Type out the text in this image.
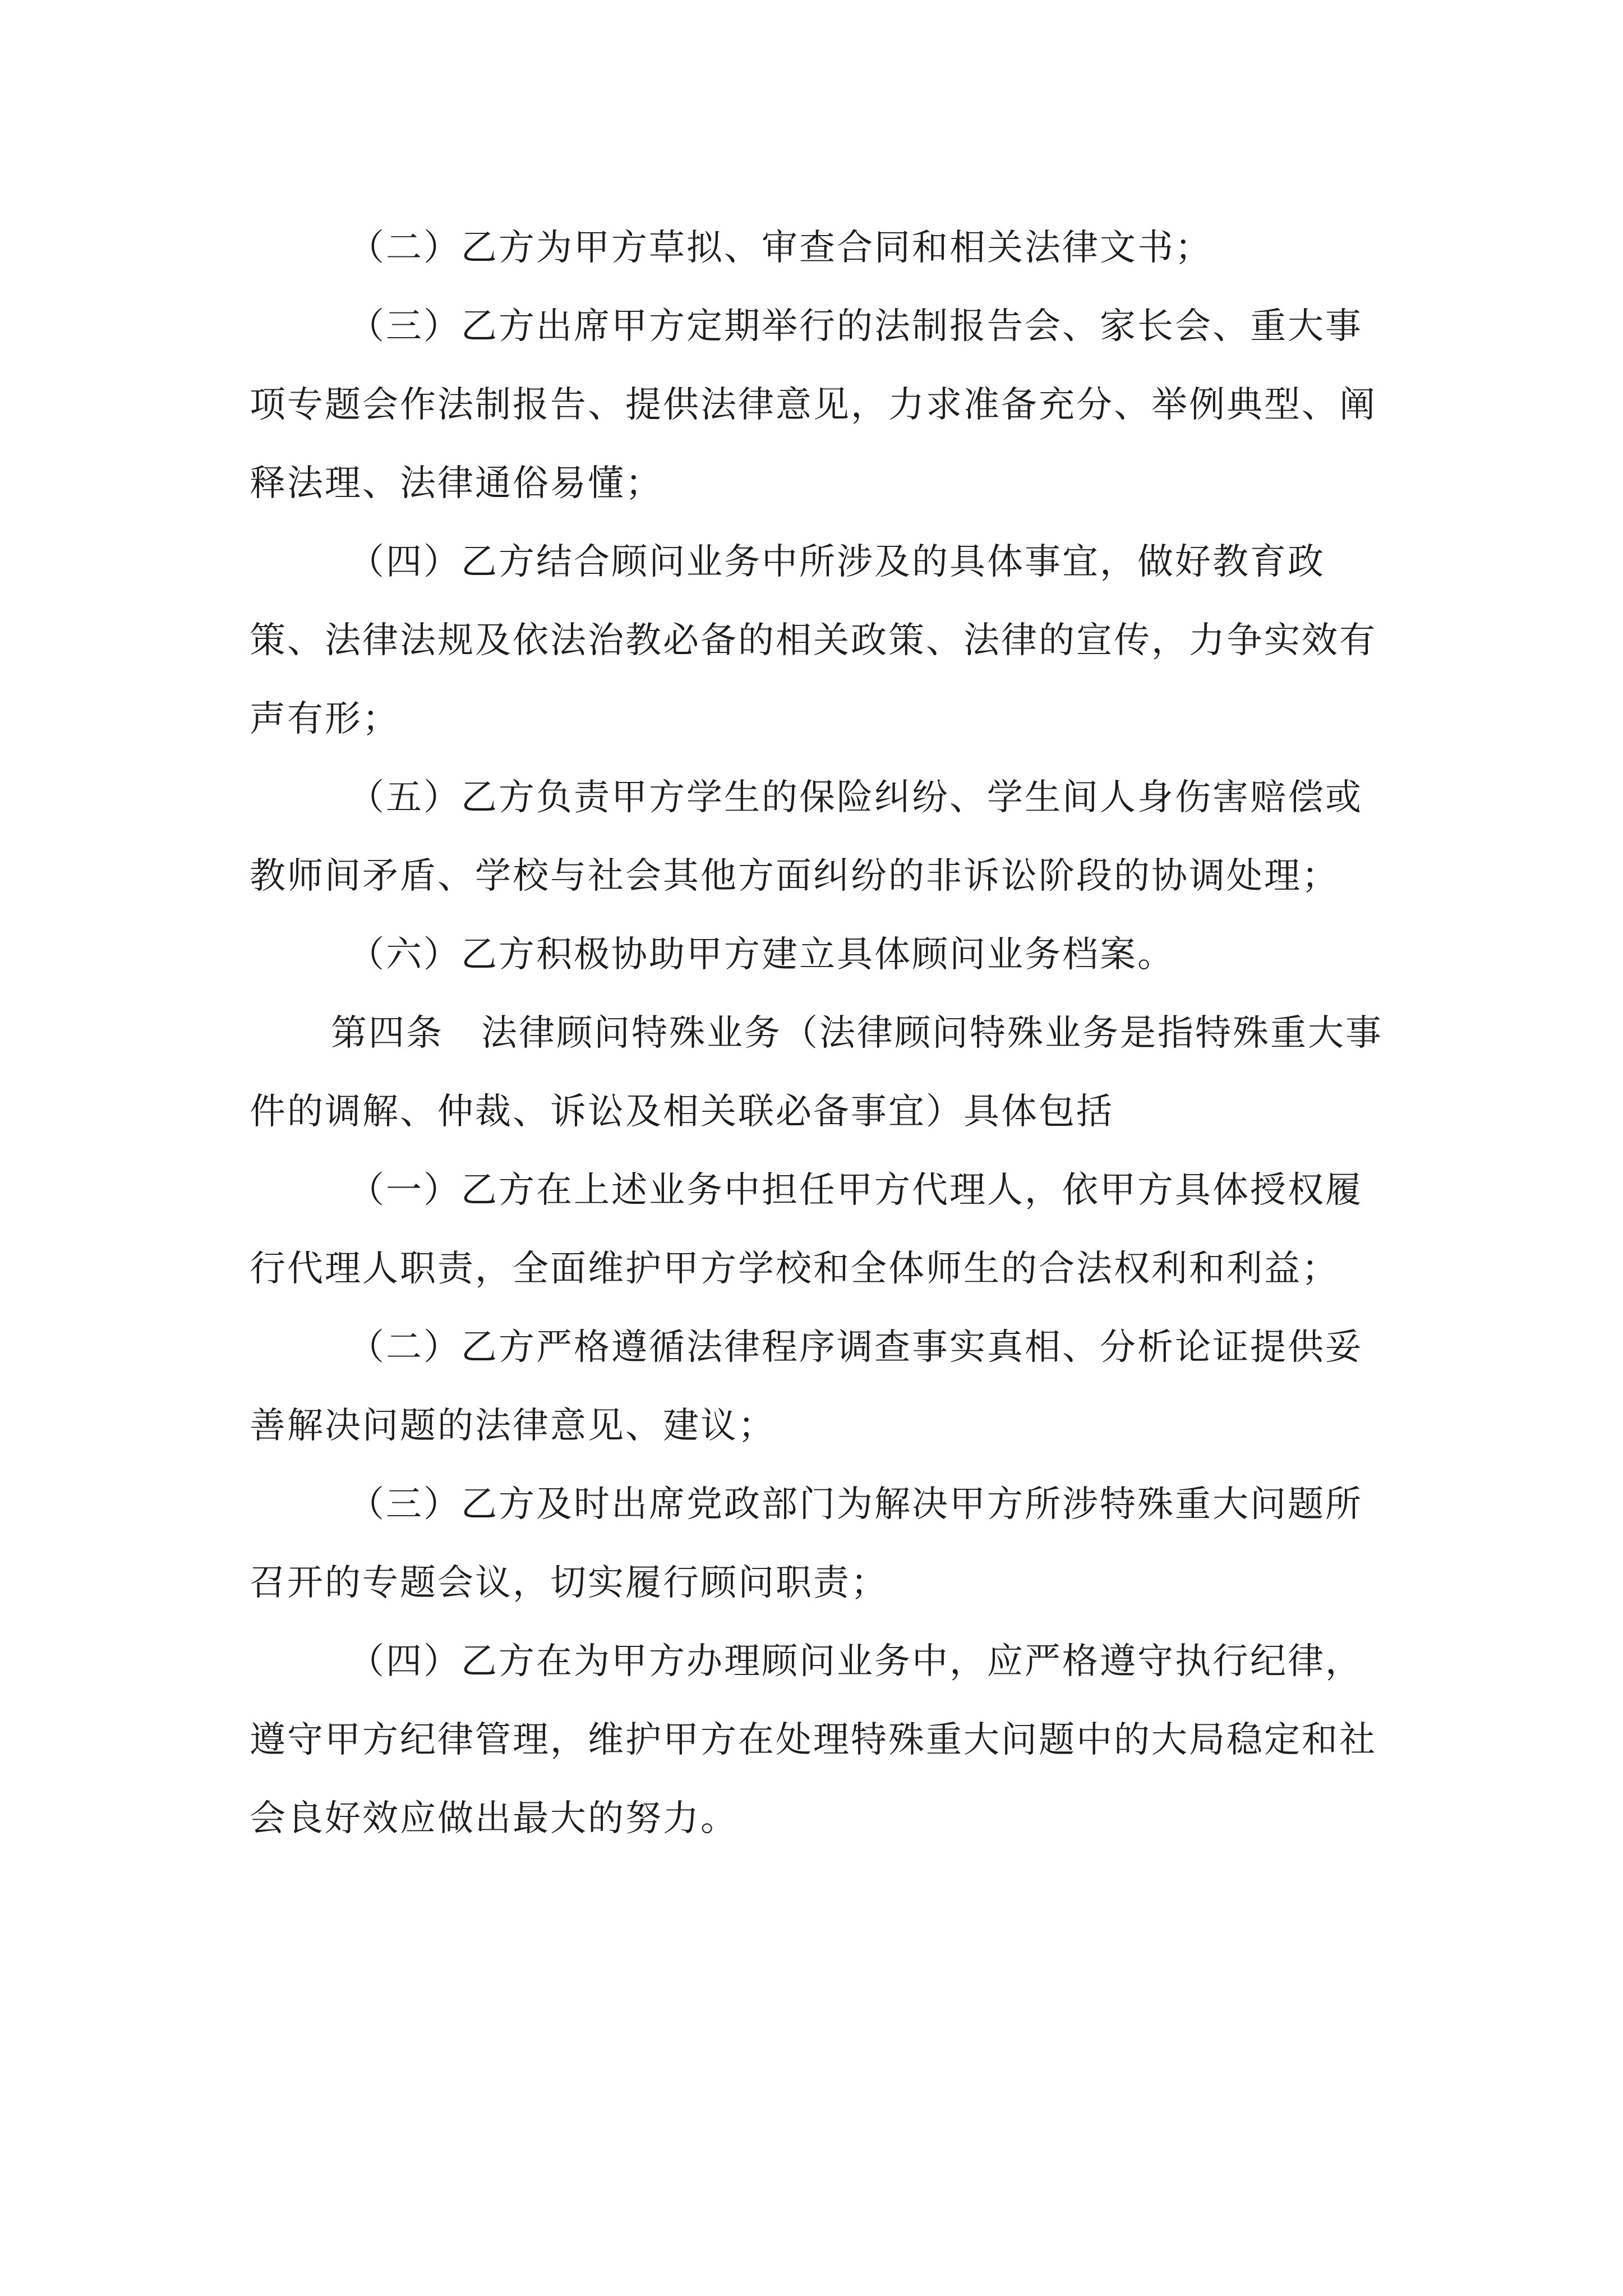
（二）乙方为甲方草拟、审查合同和相关法律文书；

（三）乙方出席甲方定期举行的法制报告会、家长会、重大事项专题会作法制报告、提供法律意见，力求准备充分、举例典型、阐释法理、法律通俗易懂；

（四）乙方结合顾问业务中所涉及的具体事宜，做好教育政策、法律法规及依法治教必备的相关政策、法律的宣传，力争实效有声有形；

（五）乙方负责甲方学生的保险纠纷、学生间人身伤害赔偿或教师间矛盾、学校与社会其他方面纠纷的非诉讼阶段的协调处理；

（六）乙方积极协助甲方建立具体顾问业务档案。

第四条　法律顾问特殊业务（法律顾问特殊业务是指特殊重大事件的调解、仲裁、诉讼及相关联必备事宜）具体包括

（一）乙方在上述业务中担任甲方代理人，依甲方具体授权履行代理人职责，全面维护甲方学校和全体师生的合法权利和利益；

（二）乙方严格遵循法律程序调查事实真相、分析论证提供妥善解决问题的法律意见、建议；

（三）乙方及时出席党政部门为解决甲方所涉特殊重大问题所召开的专题会议，切实履行顾问职责；

（四）乙方在为甲方办理顾问业务中，应严格遵守执行纪律，遵守甲方纪律管理，维护甲方在处理特殊重大问题中的大局稳定和社会良好效应做出最大的努力。
